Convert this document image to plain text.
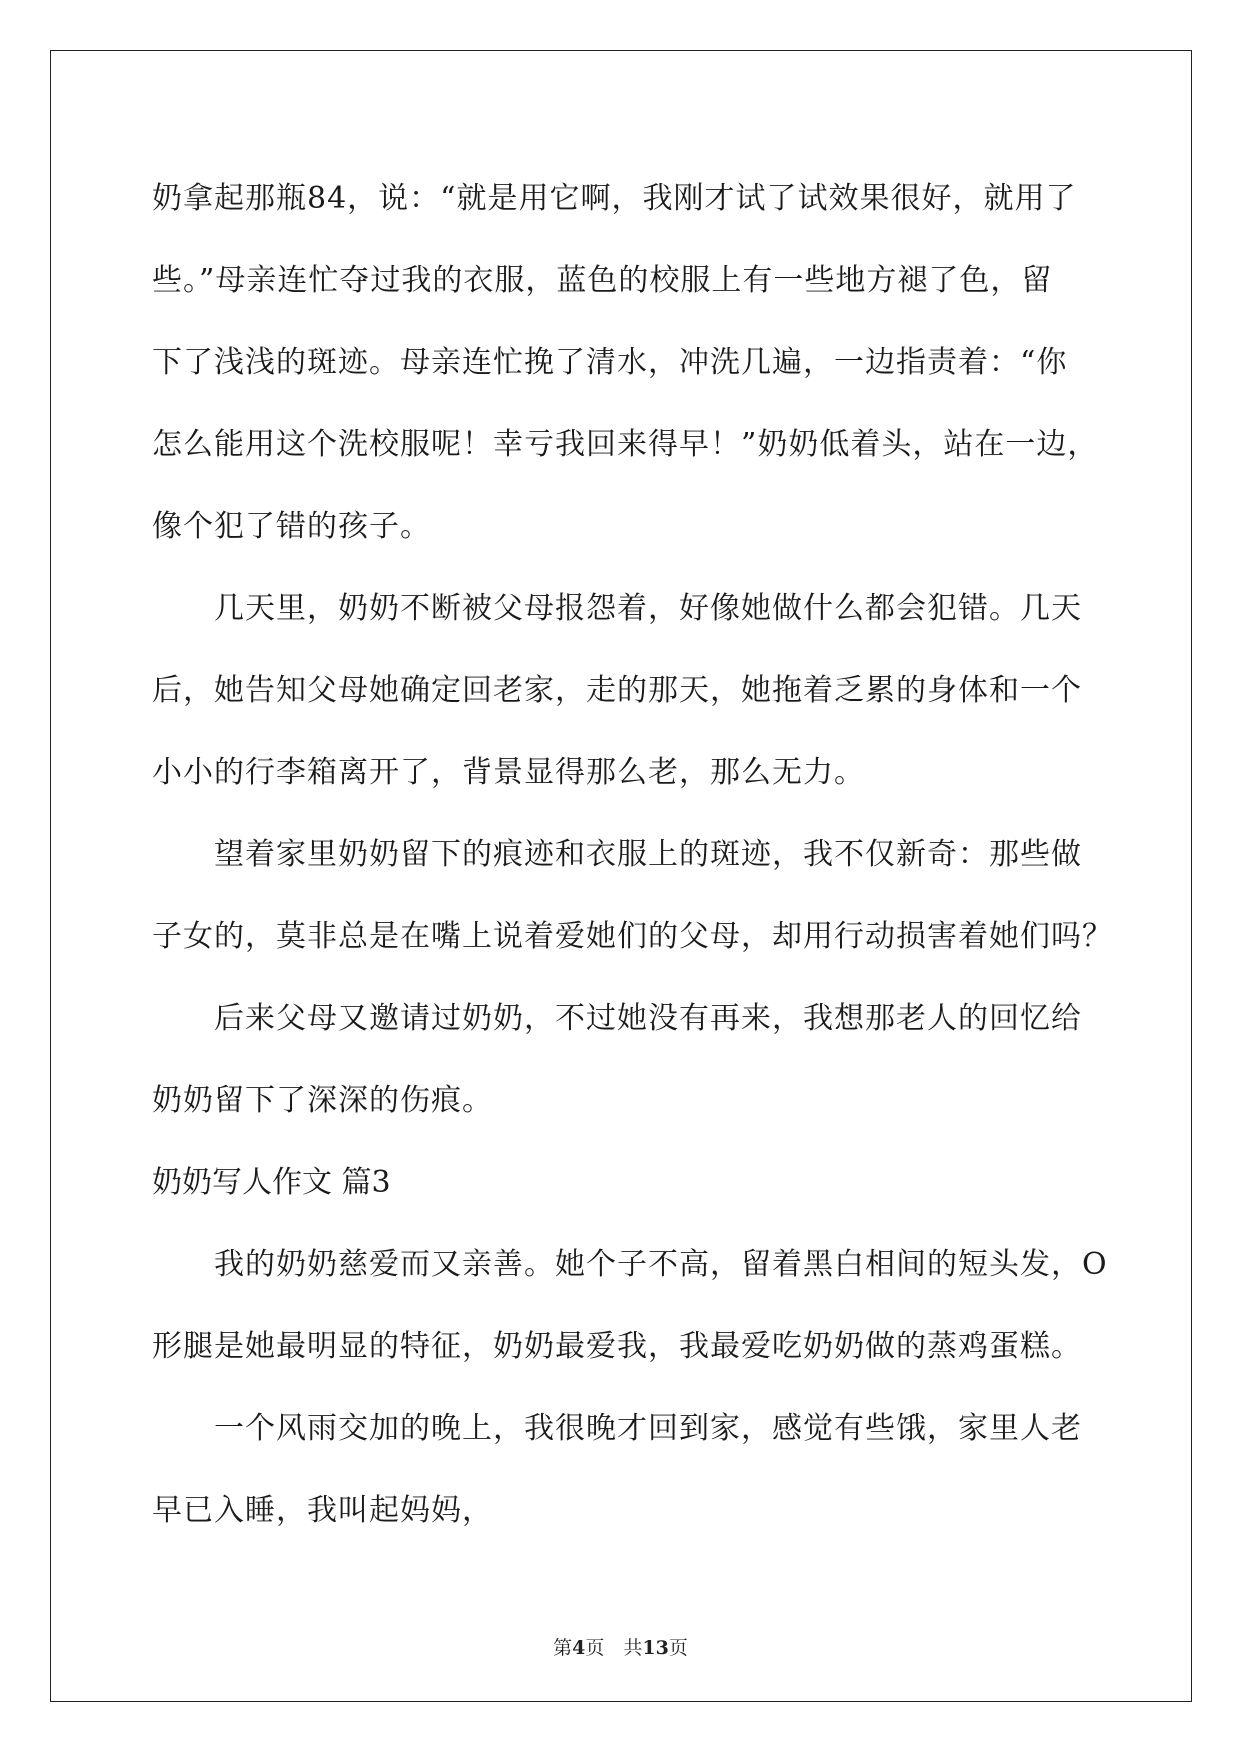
奶拿起那瓶84，说：“就是用它啊，我刚才试了试效果很好，就用了
些。”母亲连忙夺过我的衣服，蓝色的校服上有一些地方褪了色，留
下了浅浅的斑迹。母亲连忙挽了清水，冲洗几遍，一边指责着：“你
怎么能用这个洗校服呢！幸亏我回来得早！”奶奶低着头，站在一边，
像个犯了错的孩子。
几天里，奶奶不断被父母报怨着，好像她做什么都会犯错。几天
后，她告知父母她确定回老家，走的那天，她拖着乏累的身体和一个
小小的行李箱离开了，背景显得那么老，那么无力。
望着家里奶奶留下的痕迹和衣服上的斑迹，我不仅新奇：那些做
子女的，莫非总是在嘴上说着爱她们的父母，却用行动损害着她们吗？
后来父母又邀请过奶奶，不过她没有再来，我想那老人的回忆给
奶奶留下了深深的伤痕。
奶奶写人作文 篇3
我的奶奶慈爱而又亲善。她个子不高，留着黑白相间的短头发，O
形腿是她最明显的特征，奶奶最爱我，我最爱吃奶奶做的蒸鸡蛋糕。
一个风雨交加的晚上，我很晚才回到家，感觉有些饿，家里人老
早已入睡，我叫起妈妈，
第4页　共13页
